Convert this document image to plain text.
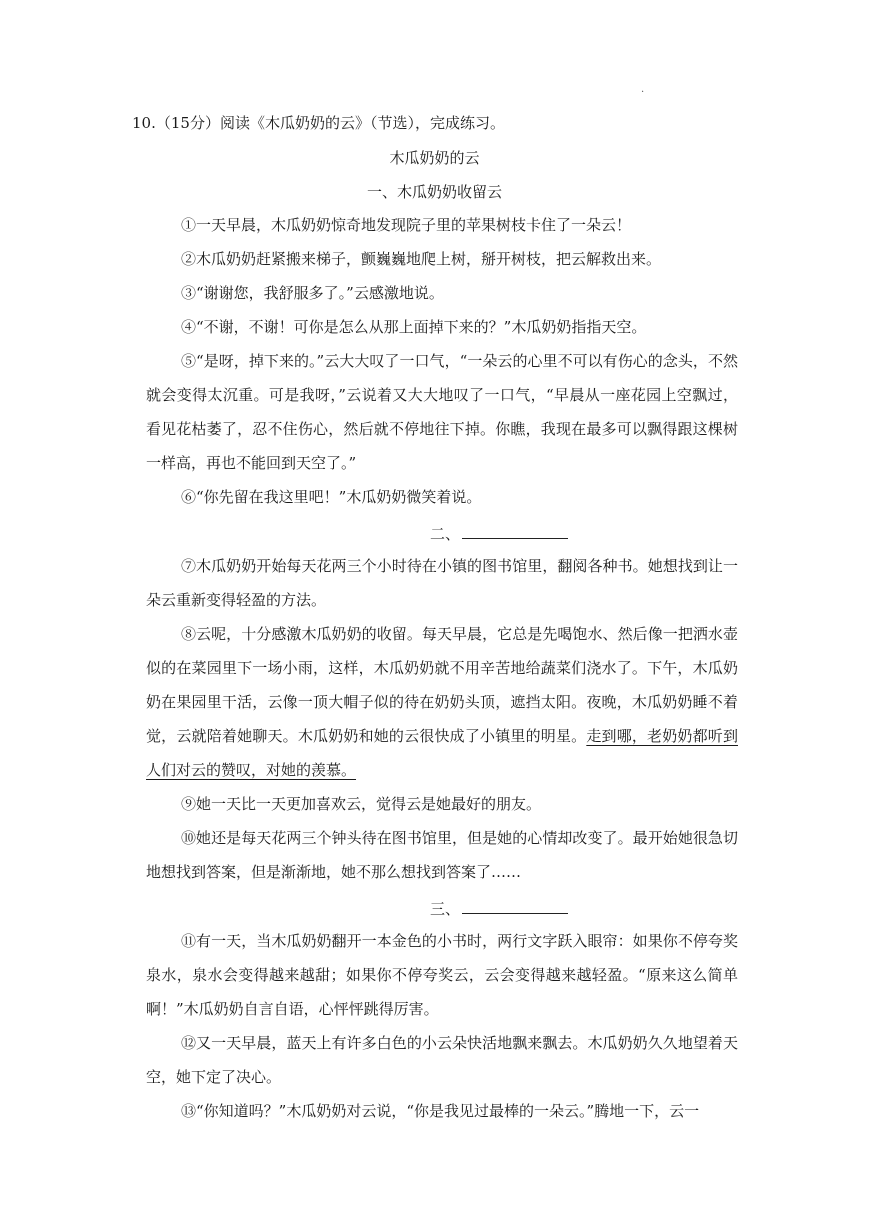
.
10.（15分）阅读《木瓜奶奶的云》（节选），完成练习。
木瓜奶奶的云
一、木瓜奶奶收留云
①一天早晨，木瓜奶奶惊奇地发现院子里的苹果树枝卡住了一朵云！
②木瓜奶奶赶紧搬来梯子，颤巍巍地爬上树，掰开树枝，把云解救出来。
③“谢谢您，我舒服多了。”云感激地说。
④“不谢，不谢！可你是怎么从那上面掉下来的？”木瓜奶奶指指天空。
⑤“是呀，掉下来的。”云大大叹了一口气，“一朵云的心里不可以有伤心的念头，不然就会变得太沉重。可是我呀，”云说着又大大地叹了一口气，“早晨从一座花园上空飘过，看见花枯萎了，忍不住伤心，然后就不停地往下掉。你瞧，我现在最多可以飘得跟这棵树一样高，再也不能回到天空了。”
⑥“你先留在我这里吧！”木瓜奶奶微笑着说。
二、
⑦木瓜奶奶开始每天花两三个小时待在小镇的图书馆里，翻阅各种书。她想找到让一朵云重新变得轻盈的方法。
⑧云呢，十分感激木瓜奶奶的收留。每天早晨，它总是先喝饱水、然后像一把洒水壶似的在菜园里下一场小雨，这样，木瓜奶奶就不用辛苦地给蔬菜们浇水了。下午，木瓜奶奶在果园里干活，云像一顶大帽子似的待在奶奶头顶，遮挡太阳。夜晚，木瓜奶奶睡不着觉，云就陪着她聊天。木瓜奶奶和她的云很快成了小镇里的明星。走到哪，老奶奶都听到人们对云的赞叹，对她的羡慕。
⑨她一天比一天更加喜欢云，觉得云是她最好的朋友。
⑩她还是每天花两三个钟头待在图书馆里，但是她的心情却改变了。最开始她很急切地想找到答案，但是渐渐地，她不那么想找到答案了……
三、
⑪有一天，当木瓜奶奶翻开一本金色的小书时，两行文字跃入眼帘：如果你不停夸奖泉水，泉水会变得越来越甜；如果你不停夸奖云，云会变得越来越轻盈。“原来这么简单啊！”木瓜奶奶自言自语，心怦怦跳得厉害。
⑫又一天早晨，蓝天上有许多白色的小云朵快活地飘来飘去。木瓜奶奶久久地望着天空，她下定了决心。
⑬“你知道吗？”木瓜奶奶对云说，“你是我见过最棒的一朵云。”腾地一下，云一
